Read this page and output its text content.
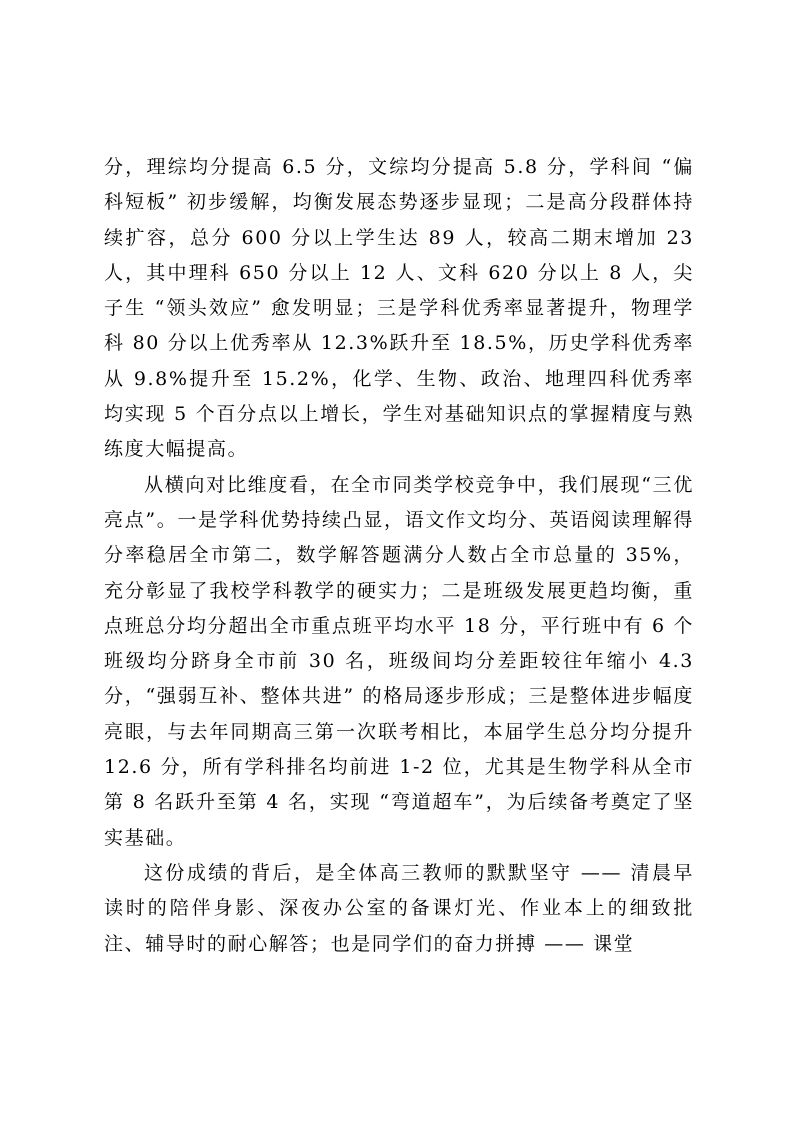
分，理综均分提高 6.5 分，文综均分提高 5.8 分，学科间 “偏科短板” 初步缓解，均衡发展态势逐步显现；二是高分段群体持续扩容，总分 600 分以上学生达 89 人，较高二期末增加 23 人，其中理科 650 分以上 12 人、文科 620 分以上 8 人，尖子生 “领头效应” 愈发明显；三是学科优秀率显著提升，物理学科 80 分以上优秀率从 12.3%跃升至 18.5%，历史学科优秀率从 9.8%提升至 15.2%，化学、生物、政治、地理四科优秀率均实现 5 个百分点以上增长，学生对基础知识点的掌握精度与熟练度大幅提高。

从横向对比维度看，在全市同类学校竞争中，我们展现“三优亮点”。一是学科优势持续凸显，语文作文均分、英语阅读理解得分率稳居全市第二，数学解答题满分人数占全市总量的 35%，充分彰显了我校学科教学的硬实力；二是班级发展更趋均衡，重点班总分均分超出全市重点班平均水平 18 分，平行班中有 6 个班级均分跻身全市前 30 名，班级间均分差距较往年缩小 4.3 分，“强弱互补、整体共进” 的格局逐步形成；三是整体进步幅度亮眼，与去年同期高三第一次联考相比，本届学生总分均分提升 12.6 分，所有学科排名均前进 1-2 位，尤其是生物学科从全市第 8 名跃升至第 4 名，实现 “弯道超车”，为后续备考奠定了坚实基础。

这份成绩的背后，是全体高三教师的默默坚守 —— 清晨早读时的陪伴身影、深夜办公室的备课灯光、作业本上的细致批注、辅导时的耐心解答；也是同学们的奋力拼搏 —— 课堂
